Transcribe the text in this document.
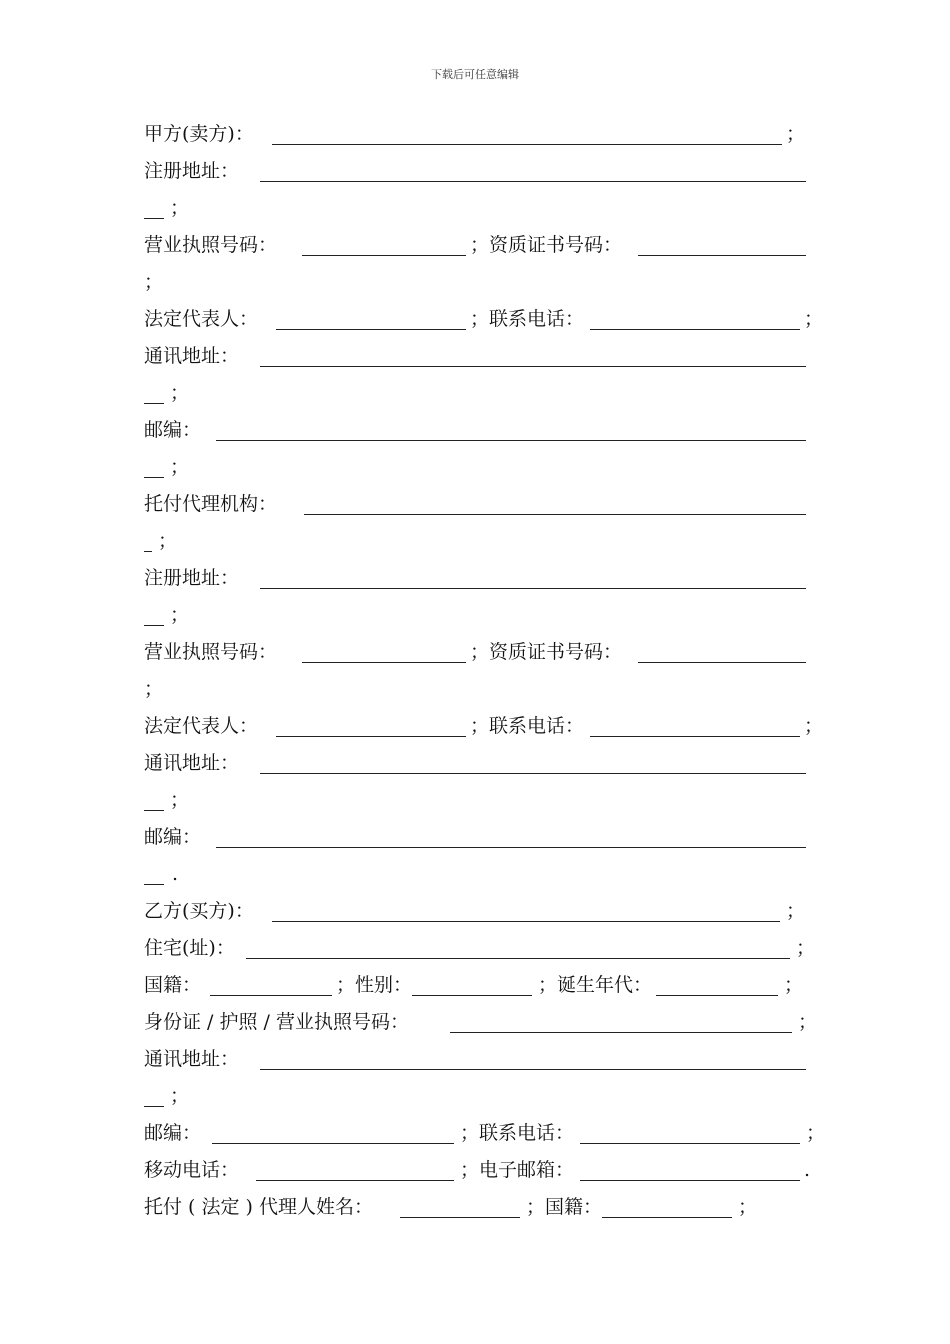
下载后可任意编辑
甲方(卖方)：	；
注册地址：
；
营业执照号码：	；资质证书号码：
；
法定代表人：	；联系电话：	；
通讯地址：
；
邮编：
；
托付代理机构：
；
注册地址：
；
营业执照号码：	；资质证书号码：
；
法定代表人：	；联系电话：	；
通讯地址：
；
邮编：
.
乙方(买方)：	；
住宅(址)：	；
国籍：	；性别：	；诞生年代：	；
身份证 / 护照 / 营业执照号码：	；
通讯地址：
；
邮编：	；联系电话：	；
移动电话：	；电子邮箱：	.
托付 ( 法定 ) 代理人姓名：	；国籍：	；
